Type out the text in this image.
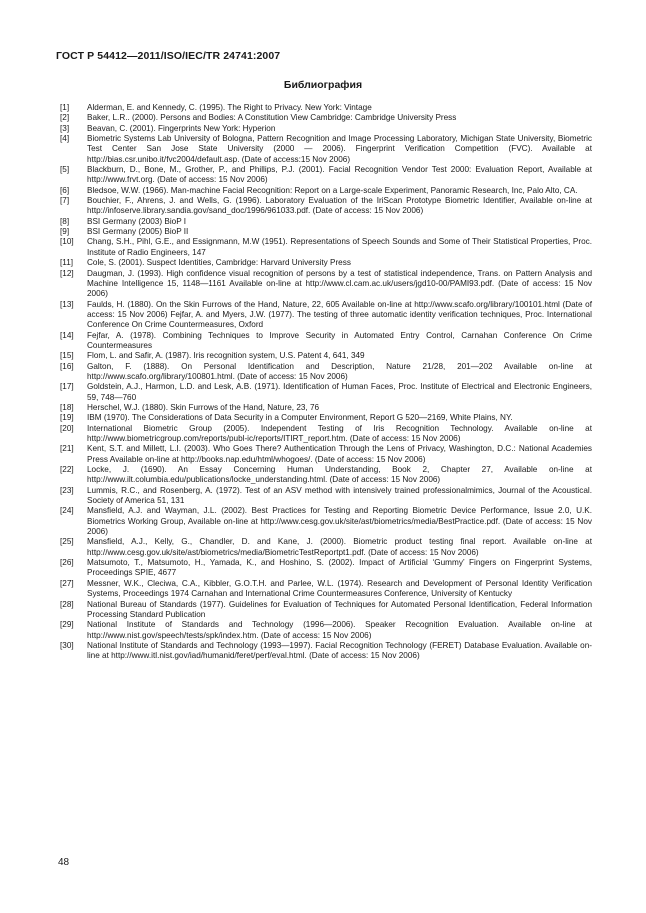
ГОСТ Р 54412—2011/ISO/IEC/TR 24741:2007
Библиография
[1]	Alderman, E. and Kennedy, C. (1995). The Right to Privacy. New York: Vintage
[2]	Baker, L.R.. (2000). Persons and Bodies: A Constitution View Cambridge: Cambridge University Press
[3]	Beavan, C. (2001). Fingerprints New York: Hyperion
[4]	Biometric Systems Lab University of Bologna, Pattern Recognition and Image Processing Laboratory, Michigan State University, Biometric Test Center San Jose State University (2000 — 2006). Fingerprint Verification Competition (FVC). Available at http://bias.csr.unibo.it/fvc2004/default.asp. (Date of access:15 Nov 2006)
[5]	Blackburn, D., Bone, M., Grother, P., and Phillips, P.J. (2001). Facial Recognition Vendor Test 2000: Evaluation Report, Available at http://www.frvt.org. (Date of access: 15 Nov 2006)
[6]	Bledsoe, W.W. (1966). Man-machine Facial Recognition: Report on a Large-scale Experiment, Panoramic Research, Inc, Palo Alto, CA.
[7]	Bouchier, F., Ahrens, J. and Wells, G. (1996). Laboratory Evaluation of the IriScan Prototype Biometric Identifier, Available on-line at http://infoserve.library.sandia.gov/sand_doc/1996/961033.pdf. (Date of access: 15 Nov 2006)
[8]	BSI Germany (2003) BioP I
[9]	BSI Germany (2005) BioP II
[10]	Chang, S.H., Pihl, G.E., and Essignmann, M.W (1951). Representations of Speech Sounds and Some of Their Statistical Properties, Proc. Institute of Radio Engineers, 147
[11]	Cole, S. (2001). Suspect Identities, Cambridge: Harvard University Press
[12]	Daugman, J. (1993). High confidence visual recognition of persons by a test of statistical independence, Trans. on Pattern Analysis and Machine Intelligence 15, 1148—1161 Available on-line at http://www.cl.cam.ac.uk/users/jgd10-00/PAMI93.pdf. (Date of access: 15 Nov 2006)
[13]	Faulds, H. (1880). On the Skin Furrows of the Hand, Nature, 22, 605 Available on-line at http://www.scafo.org/library/100101.html (Date of access: 15 Nov 2006) Fejfar, A. and Myers, J.W. (1977). The testing of three automatic identity verification techniques, Proc. International Conference On Crime Countermeasures, Oxford
[14]	Fejfar, A. (1978). Combining Techniques to Improve Security in Automated Entry Control, Carnahan Conference On Crime Countermeasures
[15]	Flom, L. and Safir, A. (1987). Iris recognition system, U.S. Patent 4, 641, 349
[16]	Galton, F. (1888). On Personal Identification and Description, Nature 21/28, 201—202 Available on-line at http://www.scafo.org/library/100801.html. (Date of access: 15 Nov 2006)
[17]	Goldstein, A.J., Harmon, L.D. and Lesk, A.B. (1971). Identification of Human Faces, Proc. Institute of Electrical and Electronic Engineers, 59, 748—760
[18]	Herschel, W.J. (1880). Skin Furrows of the Hand, Nature, 23, 76
[19]	IBM (1970). The Considerations of Data Security in a Computer Environment, Report G 520—2169, White Plains, NY.
[20]	International Biometric Group (2005). Independent Testing of Iris Recognition Technology. Available on-line at http://www.biometricgroup.com/reports/publ-ic/reports/ITIRT_report.htm. (Date of access: 15 Nov 2006)
[21]	Kent, S.T. and Millett, L.I. (2003). Who Goes There? Authentication Through the Lens of Privacy, Washington, D.C.: National Academies Press Available on-line at http://books.nap.edu/html/whogoes/. (Date of access: 15 Nov 2006)
[22]	Locke, J. (1690). An Essay Concerning Human Understanding, Book 2, Chapter 27, Available on-line at http://www.ilt.columbia.edu/publications/locke_understanding.html. (Date of access: 15 Nov 2006)
[23]	Lummis, R.C., and Rosenberg, A. (1972). Test of an ASV method with intensively trained professionalmimics, Journal of the Acoustical. Society of America 51, 131
[24]	Mansfield, A.J. and Wayman, J.L. (2002). Best Practices for Testing and Reporting Biometric Device Performance, Issue 2.0, U.K. Biometrics Working Group, Available on-line at http://www.cesg.gov.uk/site/ast/biometrics/media/BestPractice.pdf. (Date of access: 15 Nov 2006)
[25]	Mansfield, A.J., Kelly, G., Chandler, D. and Kane, J. (2000). Biometric product testing final report. Available on-line at http://www.cesg.gov.uk/site/ast/biometrics/media/BiometricTestReportpt1.pdf. (Date of access: 15 Nov 2006)
[26]	Matsumoto, T., Matsumoto, H., Yamada, K., and Hoshino, S. (2002). Impact of Artificial ‘Gummy’ Fingers on Fingerprint Systems, Proceedings SPIE, 4677
[27]	Messner, W.K., Cleciwa, C.A., Kibbler, G.O.T.H. and Parlee, W.L. (1974). Research and Development of Personal Identity Verification Systems, Proceedings 1974 Carnahan and International Crime Countermeasures Conference, University of Kentucky
[28]	National Bureau of Standards (1977). Guidelines for Evaluation of Techniques for Automated Personal Identification, Federal Information Processing Standard Publication
[29]	National Institute of Standards and Technology (1996—2006). Speaker Recognition Evaluation. Available on-line at http://www.nist.gov/speech/tests/spk/index.htm. (Date of access: 15 Nov 2006)
[30]	National Institute of Standards and Technology (1993—1997). Facial Recognition Technology (FERET) Database Evaluation. Available on-line at http://www.itl.nist.gov/iad/humanid/feret/perf/eval.html. (Date of access: 15 Nov 2006)
48
